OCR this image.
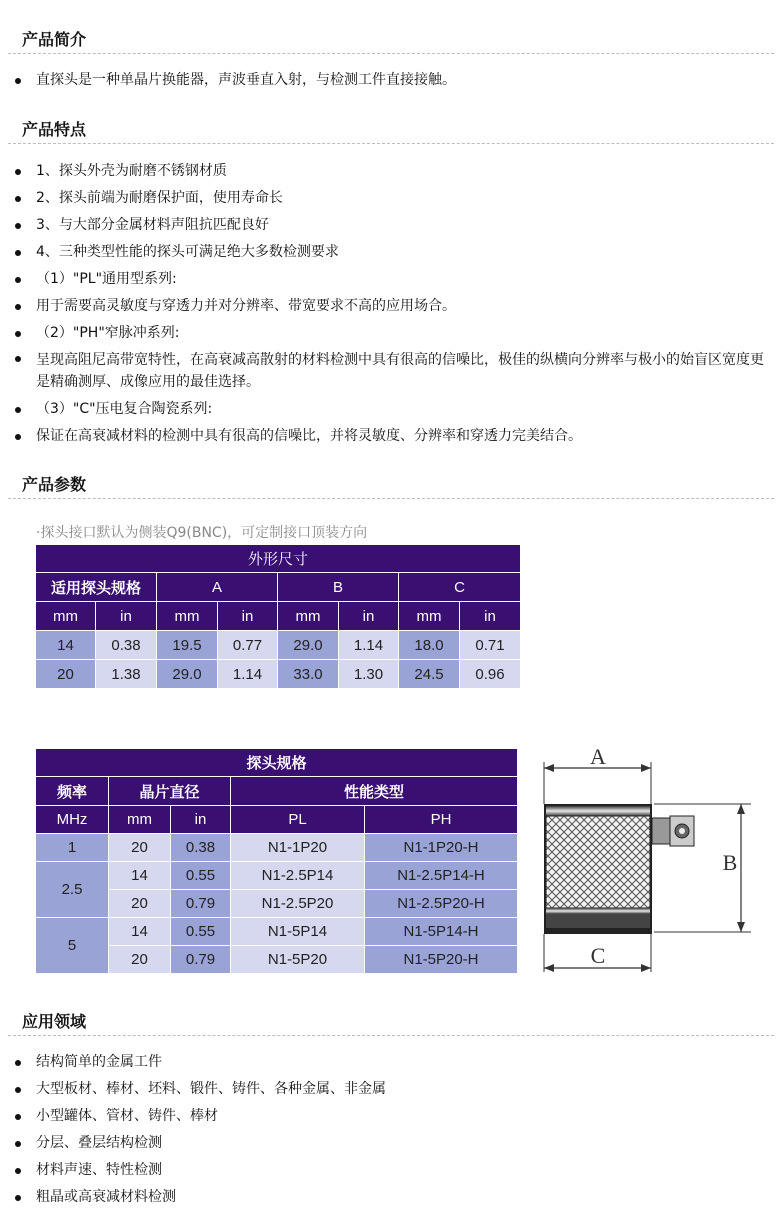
产品简介
直探头是一种单晶片换能器，声波垂直入射，与检测工件直接接触。
产品特点
1、探头外壳为耐磨不锈钢材质
2、探头前端为耐磨保护面，使用寿命长
3、与大部分金属材料声阻抗匹配良好
4、三种类型性能的探头可满足绝大多数检测要求
（1）"PL"通用型系列:
用于需要高灵敏度与穿透力并对分辨率、带宽要求不高的应用场合。
（2）"PH"窄脉冲系列:
呈现高阻尼高带宽特性，在高衰减高散射的材料检测中具有很高的信噪比，极佳的纵横向分辨率与极小的始盲区宽度更是精确测厚、成像应用的最佳选择。
（3）"C"压电复合陶瓷系列:
保证在高衰减材料的检测中具有很高的信噪比，并将灵敏度、分辨率和穿透力完美结合。
产品参数
·探头接口默认为侧装Q9(BNC)，可定制接口顶装方向
外形尺寸							
适用探头规格		A		B		C	
mm	in	mm	in	mm	in	mm	in
14	0.38	19.5	0.77	29.0	1.14	18.0	0.71
20	1.38	29.0	1.14	33.0	1.30	24.5	0.96
探头规格				
频率	晶片直径		性能类型	
MHz	mm	in	PL	PH
1	20	0.38	N1-1P20	N1-1P20-H
2.5	14	0.55	N1-2.5P14	N1-2.5P14-H
	20	0.79	N1-2.5P20	N1-2.5P20-H
5	14	0.55	N1-5P14	N1-5P14-H
	20	0.79	N1-5P20	N1-5P20-H
A
B
C
应用领域
结构简单的金属工件
大型板材、棒材、坯料、锻件、铸件、各种金属、非金属
小型罐体、管材、铸件、棒材
分层、叠层结构检测
材料声速、特性检测
粗晶或高衰减材料检测
